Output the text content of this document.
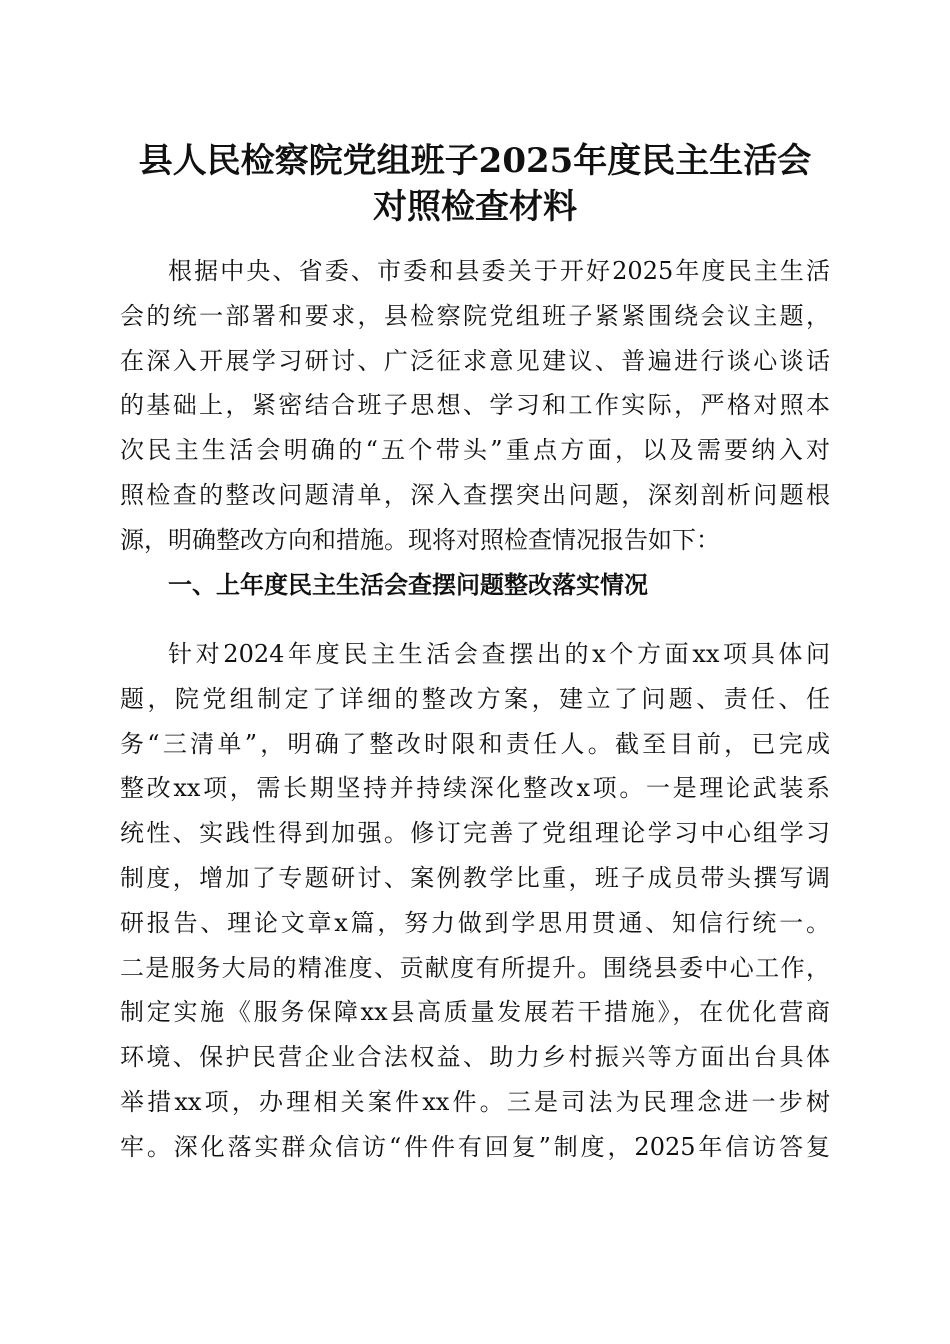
县人民检察院党组班子2025年度民主生活会
对照检查材料
根据中央、省委、市委和县委关于开好2025年度民主生活
会的统一部署和要求，县检察院党组班子紧紧围绕会议主题，
在深入开展学习研讨、广泛征求意见建议、普遍进行谈心谈话
的基础上，紧密结合班子思想、学习和工作实际，严格对照本
次民主生活会明确的“五个带头”重点方面，以及需要纳入对
照检查的整改问题清单，深入查摆突出问题，深刻剖析问题根
源，明确整改方向和措施。现将对照检查情况报告如下：
一、上年度民主生活会查摆问题整改落实情况
针对2024年度民主生活会查摆出的x个方面xx项具体问
题，院党组制定了详细的整改方案，建立了问题、责任、任
务“三清单”，明确了整改时限和责任人。截至目前，已完成
整改xx项，需长期坚持并持续深化整改x项。一是理论武装系
统性、实践性得到加强。修订完善了党组理论学习中心组学习
制度，增加了专题研讨、案例教学比重，班子成员带头撰写调
研报告、理论文章x篇，努力做到学思用贯通、知信行统一。
二是服务大局的精准度、贡献度有所提升。围绕县委中心工作，
制定实施《服务保障xx县高质量发展若干措施》，在优化营商
环境、保护民营企业合法权益、助力乡村振兴等方面出台具体
举措xx项，办理相关案件xx件。三是司法为民理念进一步树
牢。深化落实群众信访“件件有回复”制度，2025年信访答复
